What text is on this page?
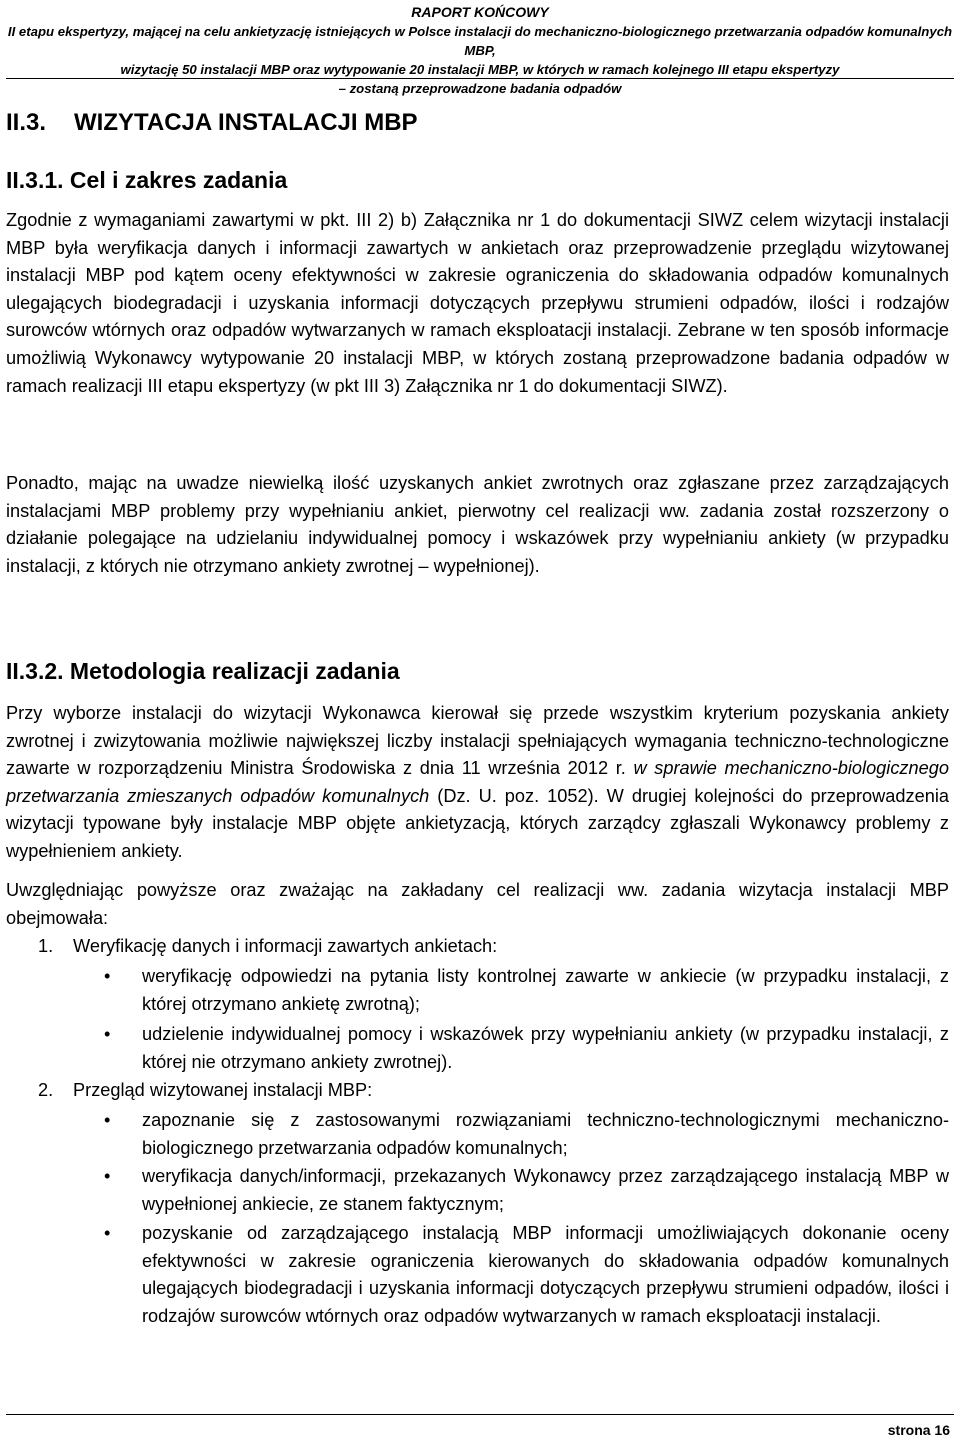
RAPORT KOŃCOWY
II etapu ekspertyzy, mającej na celu ankietyzację istniejących w Polsce instalacji do mechaniczno-biologicznego przetwarzania odpadów komunalnych MBP,
wizytację 50 instalacji MBP oraz wytypowanie 20 instalacji MBP, w których w ramach kolejnego III etapu ekspertyzy
– zostaną przeprowadzone badania odpadów
II.3. WIZYTACJA INSTALACJI MBP
II.3.1. Cel i zakres zadania

Zgodnie z wymaganiami zawartymi w pkt. III 2) b) Załącznika nr 1 do dokumentacji SIWZ celem wizytacji instalacji MBP była weryfikacja danych i informacji zawartych w ankietach oraz przeprowadzenie przeglądu wizytowanej instalacji MBP pod kątem oceny efektywności w zakresie ograniczenia do składowania odpadów komunalnych ulegających biodegradacji i uzyskania informacji dotyczących przepływu strumieni odpadów, ilości i rodzajów surowców wtórnych oraz odpadów wytwarzanych w ramach eksploatacji instalacji. Zebrane w ten sposób informacje umożliwią Wykonawcy wytypowanie 20 instalacji MBP, w których zostaną przeprowadzone badania odpadów w ramach realizacji III etapu ekspertyzy (w pkt III 3) Załącznika nr 1 do dokumentacji SIWZ).

Ponadto, mając na uwadze niewielką ilość uzyskanych ankiet zwrotnych oraz zgłaszane przez zarządzających instalacjami MBP problemy przy wypełnianiu ankiet, pierwotny cel realizacji ww. zadania został rozszerzony o działanie polegające na udzielaniu indywidualnej pomocy i wskazówek przy wypełnianiu ankiety (w przypadku instalacji, z których nie otrzymano ankiety zwrotnej – wypełnionej).

II.3.2. Metodologia realizacji zadania

Przy wyborze instalacji do wizytacji Wykonawca kierował się przede wszystkim kryterium pozyskania ankiety zwrotnej i zwizytowania możliwie największej liczby instalacji spełniających wymagania techniczno-technologiczne zawarte w rozporządzeniu Ministra Środowiska z dnia 11 września 2012 r. w sprawie mechaniczno-biologicznego przetwarzania zmieszanych odpadów komunalnych (Dz. U. poz. 1052). W drugiej kolejności do przeprowadzenia wizytacji typowane były instalacje MBP objęte ankietyzacją, których zarządcy zgłaszali Wykonawcy problemy z wypełnieniem ankiety.

Uwzględniając powyższe oraz zważając na zakładany cel realizacji ww. zadania wizytacja instalacji MBP obejmowała:

1. Weryfikację danych i informacji zawartych ankietach:
•	weryfikację odpowiedzi na pytania listy kontrolnej zawarte w ankiecie (w przypadku instalacji, z której otrzymano ankietę zwrotną);
•	udzielenie indywidualnej pomocy i wskazówek przy wypełnianiu ankiety (w przypadku instalacji, z której nie otrzymano ankiety zwrotnej).
2. Przegląd wizytowanej instalacji MBP:
•	zapoznanie się z zastosowanymi rozwiązaniami techniczno-technologicznymi mechaniczno-biologicznego przetwarzania odpadów komunalnych;
•	weryfikacja danych/informacji, przekazanych Wykonawcy przez zarządzającego instalacją MBP w wypełnionej ankiecie, ze stanem faktycznym;
•	pozyskanie od zarządzającego instalacją MBP informacji umożliwiających dokonanie oceny efektywności w zakresie ograniczenia kierowanych do składowania odpadów komunalnych ulegających biodegradacji i uzyskania informacji dotyczących przepływu strumieni odpadów, ilości i rodzajów surowców wtórnych oraz odpadów wytwarzanych w ramach eksploatacji instalacji.
strona 16
